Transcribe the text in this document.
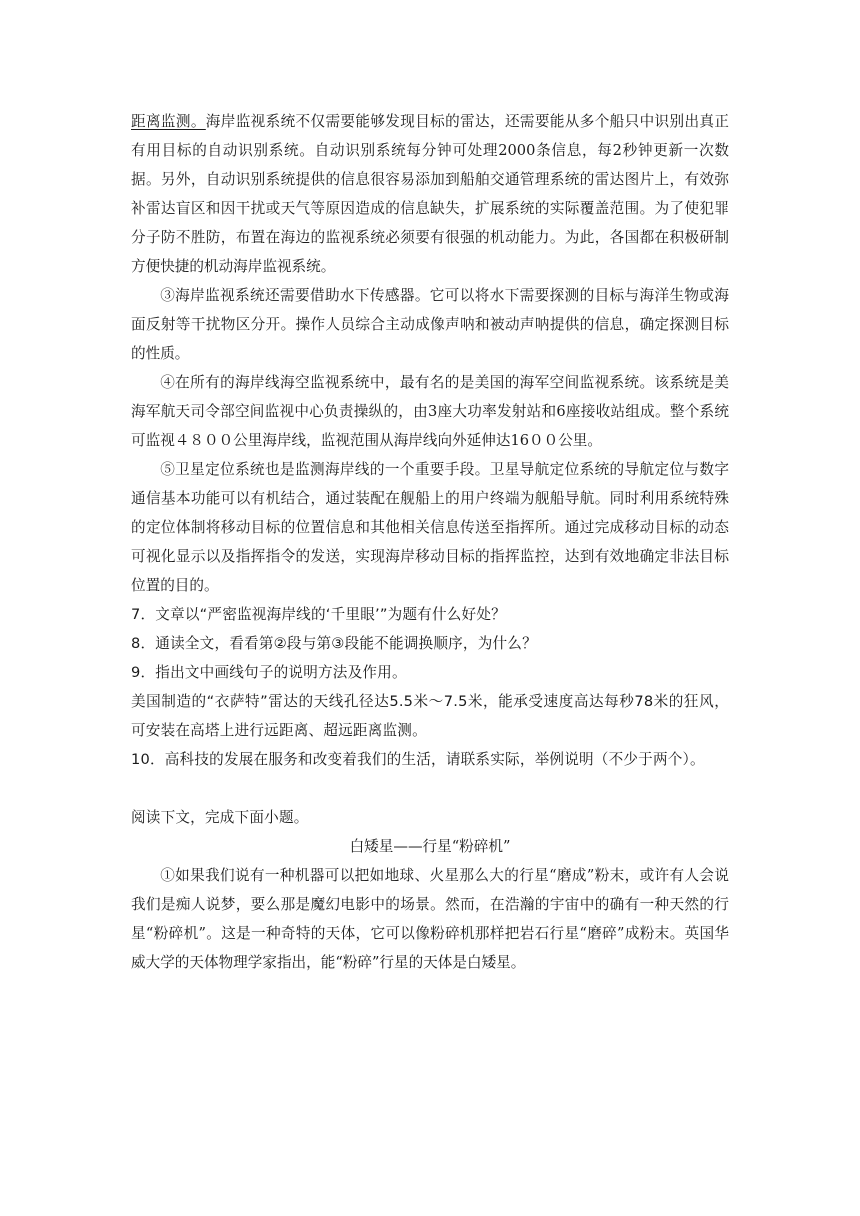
距离监测。海岸监视系统不仅需要能够发现目标的雷达，还需要能从多个船只中识别出真正有用目标的自动识别系统。自动识别系统每分钟可处理2000条信息，每2秒钟更新一次数据。另外，自动识别系统提供的信息很容易添加到船舶交通管理系统的雷达图片上，有效弥补雷达盲区和因干扰或天气等原因造成的信息缺失，扩展系统的实际覆盖范围。为了使犯罪分子防不胜防，布置在海边的监视系统必须要有很强的机动能力。为此，各国都在积极研制方便快捷的机动海岸监视系统。

③海岸监视系统还需要借助水下传感器。它可以将水下需要探测的目标与海洋生物或海面反射等干扰物区分开。操作人员综合主动成像声呐和被动声呐提供的信息，确定探测目标的性质。

④在所有的海岸线海空监视系统中，最有名的是美国的海军空间监视系统。该系统是美海军航天司令部空间监视中心负责操纵的，由3座大功率发射站和6座接收站组成。整个系统可监视４８００公里海岸线，监视范围从海岸线向外延伸达16００公里。

⑤卫星定位系统也是监测海岸线的一个重要手段。卫星导航定位系统的导航定位与数字通信基本功能可以有机结合，通过装配在舰船上的用户终端为舰船导航。同时利用系统特殊的定位体制将移动目标的位置信息和其他相关信息传送至指挥所。通过完成移动目标的动态可视化显示以及指挥指令的发送，实现海岸移动目标的指挥监控，达到有效地确定非法目标位置的目的。

7．文章以“严密监视海岸线的‘千里眼’”为题有什么好处？

8．通读全文，看看第②段与第③段能不能调换顺序，为什么？

9．指出文中画线句子的说明方法及作用。

美国制造的“衣萨特”雷达的天线孔径达5.5米～7.5米，能承受速度高达每秒78米的狂风，可安装在高塔上进行远距离、超远距离监测。

10．高科技的发展在服务和改变着我们的生活，请联系实际，举例说明（不少于两个）。

阅读下文，完成下面小题。

白矮星——行星“粉碎机”

①如果我们说有一种机器可以把如地球、火星那么大的行星“磨成”粉末，或许有人会说我们是痴人说梦，要么那是魔幻电影中的场景。然而，在浩瀚的宇宙中的确有一种天然的行星“粉碎机”。这是一种奇特的天体，它可以像粉碎机那样把岩石行星“磨碎”成粉末。英国华威大学的天体物理学家指出，能“粉碎”行星的天体是白矮星。
